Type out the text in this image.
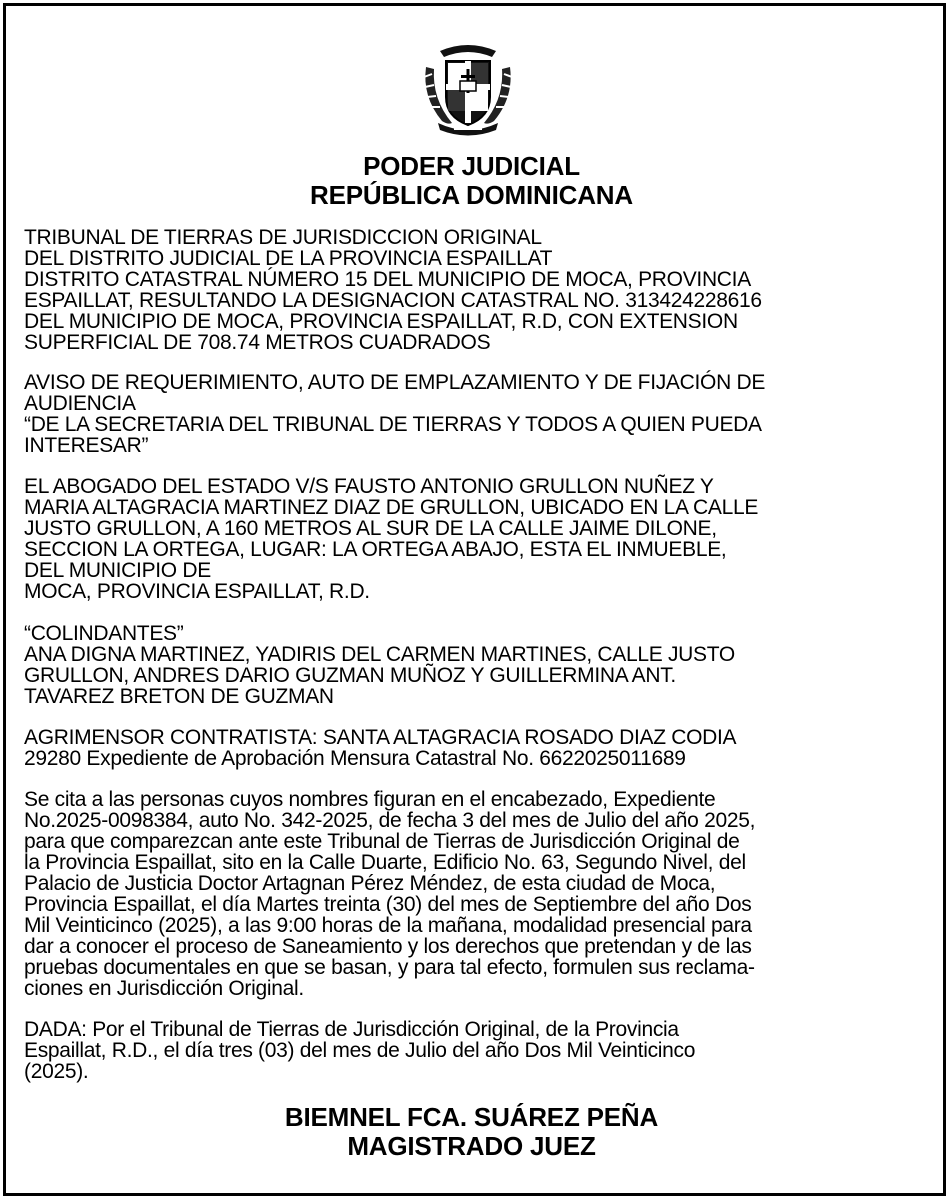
PODER JUDICIAL
REPÚBLICA DOMINICANA
TRIBUNAL DE TIERRAS DE JURISDICCION ORIGINAL
DEL DISTRITO JUDICIAL DE LA PROVINCIA ESPAILLAT
DISTRITO CATASTRAL NÚMERO 15 DEL MUNICIPIO DE MOCA, PROVINCIA
ESPAILLAT, RESULTANDO LA DESIGNACION CATASTRAL NO. 313424228616
DEL MUNICIPIO DE MOCA, PROVINCIA ESPAILLAT, R.D, CON EXTENSION
SUPERFICIAL DE 708.74 METROS CUADRADOS
AVISO DE REQUERIMIENTO, AUTO DE EMPLAZAMIENTO Y DE FIJACIÓN DE
AUDIENCIA
“DE LA SECRETARIA DEL TRIBUNAL DE TIERRAS Y TODOS A QUIEN PUEDA
INTERESAR”
EL ABOGADO DEL ESTADO V/S FAUSTO ANTONIO GRULLON NUÑEZ Y
MARIA ALTAGRACIA MARTINEZ DIAZ DE GRULLON, UBICADO EN LA CALLE
JUSTO GRULLON, A 160 METROS AL SUR DE LA CALLE JAIME DILONE,
SECCION LA ORTEGA, LUGAR: LA ORTEGA ABAJO, ESTA EL INMUEBLE,
DEL MUNICIPIO DE
MOCA, PROVINCIA ESPAILLAT, R.D.
“COLINDANTES”
ANA DIGNA MARTINEZ, YADIRIS DEL CARMEN MARTINES, CALLE JUSTO
GRULLON, ANDRES DARIO GUZMAN MUÑOZ Y GUILLERMINA ANT.
TAVAREZ BRETON DE GUZMAN
AGRIMENSOR CONTRATISTA: SANTA ALTAGRACIA ROSADO DIAZ CODIA
29280 Expediente de Aprobación Mensura Catastral No. 6622025011689
Se cita a las personas cuyos nombres figuran en el encabezado, Expediente
No.2025-0098384, auto No. 342-2025, de fecha 3 del mes de Julio del año 2025,
para que comparezcan ante este Tribunal de Tierras de Jurisdicción Original de
la Provincia Espaillat, sito en la Calle Duarte, Edificio No. 63, Segundo Nivel, del
Palacio de Justicia Doctor Artagnan Pérez Méndez, de esta ciudad de Moca,
Provincia Espaillat, el día Martes treinta (30) del mes de Septiembre del año Dos
Mil Veinticinco (2025), a las 9:00 horas de la mañana, modalidad presencial para
dar a conocer el proceso de Saneamiento y los derechos que pretendan y de las
pruebas documentales en que se basan, y para tal efecto, formulen sus reclama-
ciones en Jurisdicción Original.
DADA: Por el Tribunal de Tierras de Jurisdicción Original, de la Provincia
Espaillat, R.D., el día tres (03) del mes de Julio del año Dos Mil Veinticinco
(2025).
BIEMNEL FCA. SUÁREZ PEÑA
MAGISTRADO JUEZ
